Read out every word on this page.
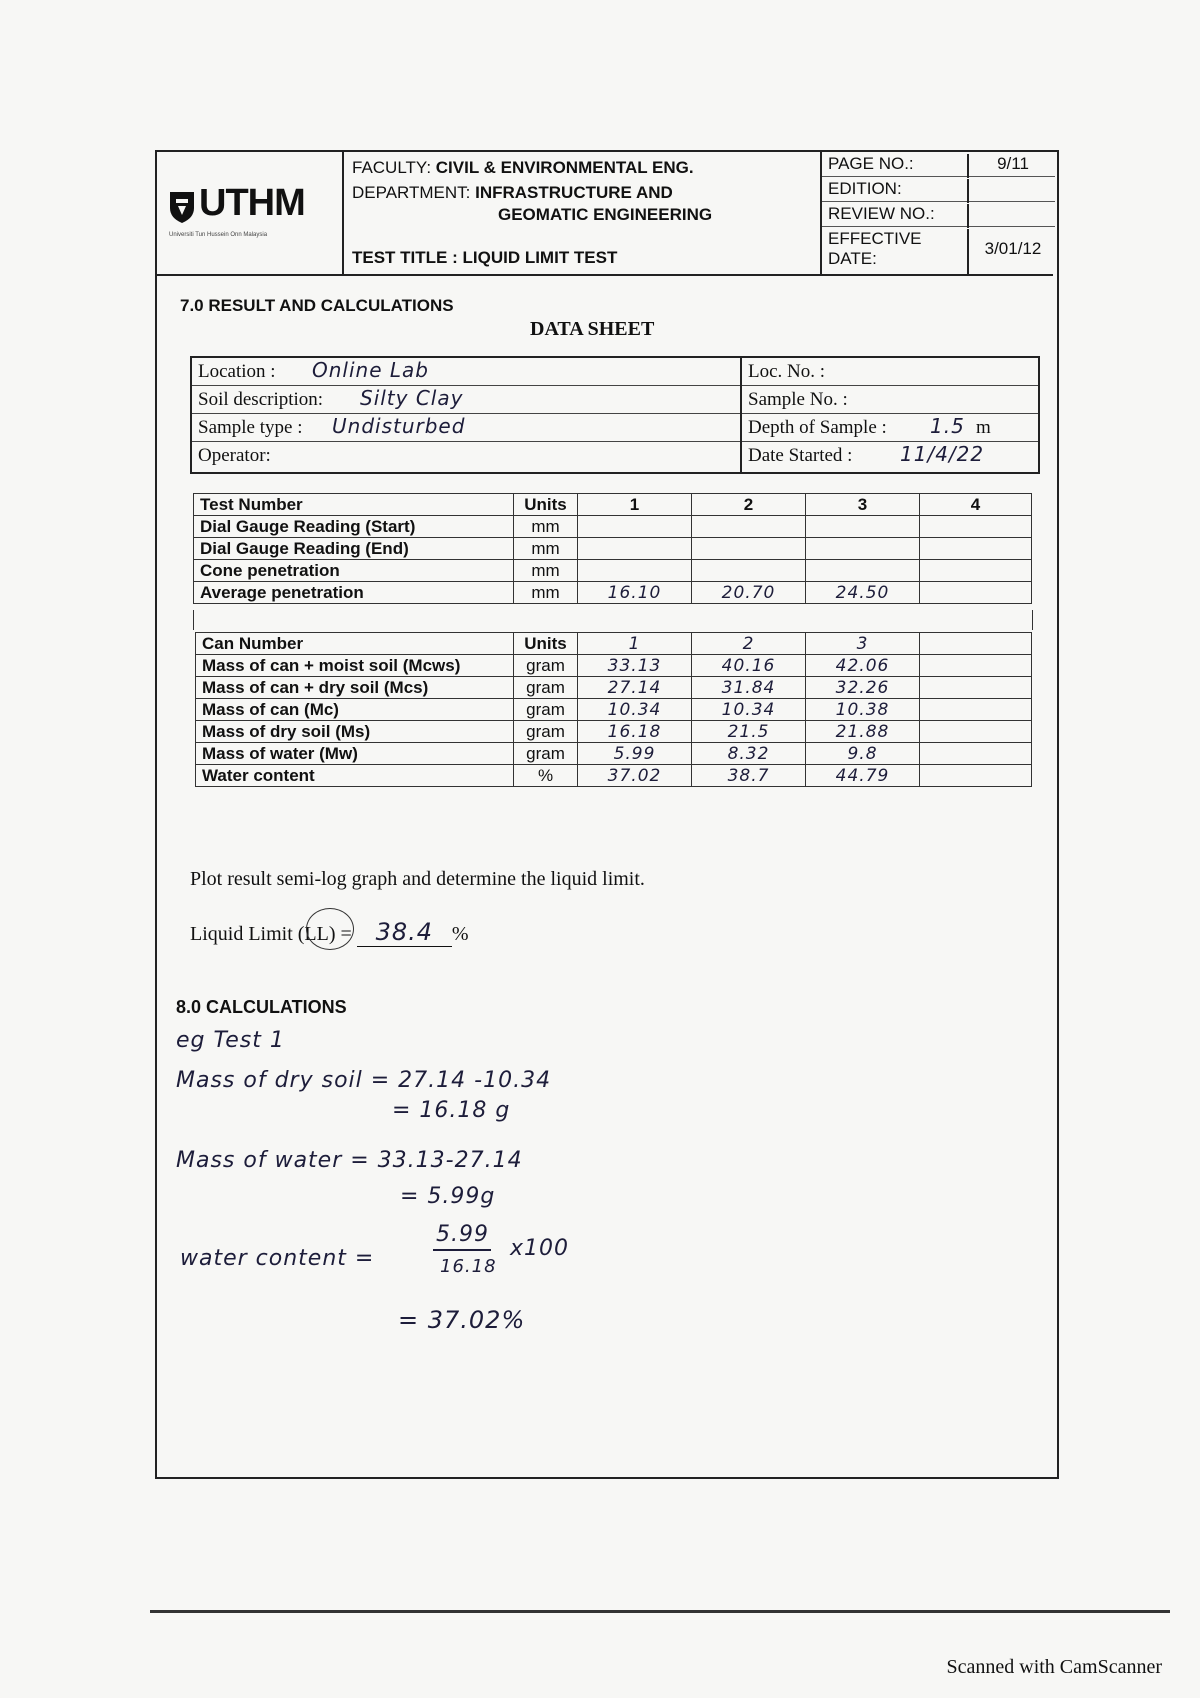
UTHM
Universiti Tun Hussein Onn Malaysia
FACULTY: CIVIL & ENVIRONMENTAL ENG.
DEPARTMENT: INFRASTRUCTURE AND
GEOMATIC ENGINEERING
TEST TITLE : LIQUID LIMIT TEST
PAGE NO.:	9/11
EDITION:
REVIEW NO.:
EFFECTIVE
DATE:
3/01/12
7.0 RESULT AND CALCULATIONS
DATA SHEET
Location : Online Lab
Soil description: Silty Clay
Sample type : Undisturbed
Operator:
Loc. No. :
Sample No. :
Depth of Sample : 1.5 m
Date Started : 11/4/22
Test Number	Units	1	2	3	4
Dial Gauge Reading (Start)	mm				
Dial Gauge Reading (End)	mm				
Cone penetration	mm				
Average penetration	mm	16.10	20.70	24.50	
Can Number	Units	1	2	3	
Mass of can + moist soil (Mcws)	gram	33.13	40.16	42.06	
Mass of can + dry soil (Mcs)	gram	27.14	31.84	32.26	
Mass of can (Mc)	gram	10.34	10.34	10.38	
Mass of dry soil (Ms)	gram	16.18	21.5	21.88	
Mass of water (Mw)	gram	5.99	8.32	9.8	
Water content	%	37.02	38.7	44.79	
Plot result semi-log graph and determine the liquid limit.
Liquid Limit (LL) = 38.4 %
8.0 CALCULATIONS
eg Test 1
Mass of dry soil = 27.14 -10.34
= 16.18 g
Mass of water = 33.13-27.14
= 5.99g
water content =
5.99
16.18
x100
= 37.02%
Scanned with CamScanner
